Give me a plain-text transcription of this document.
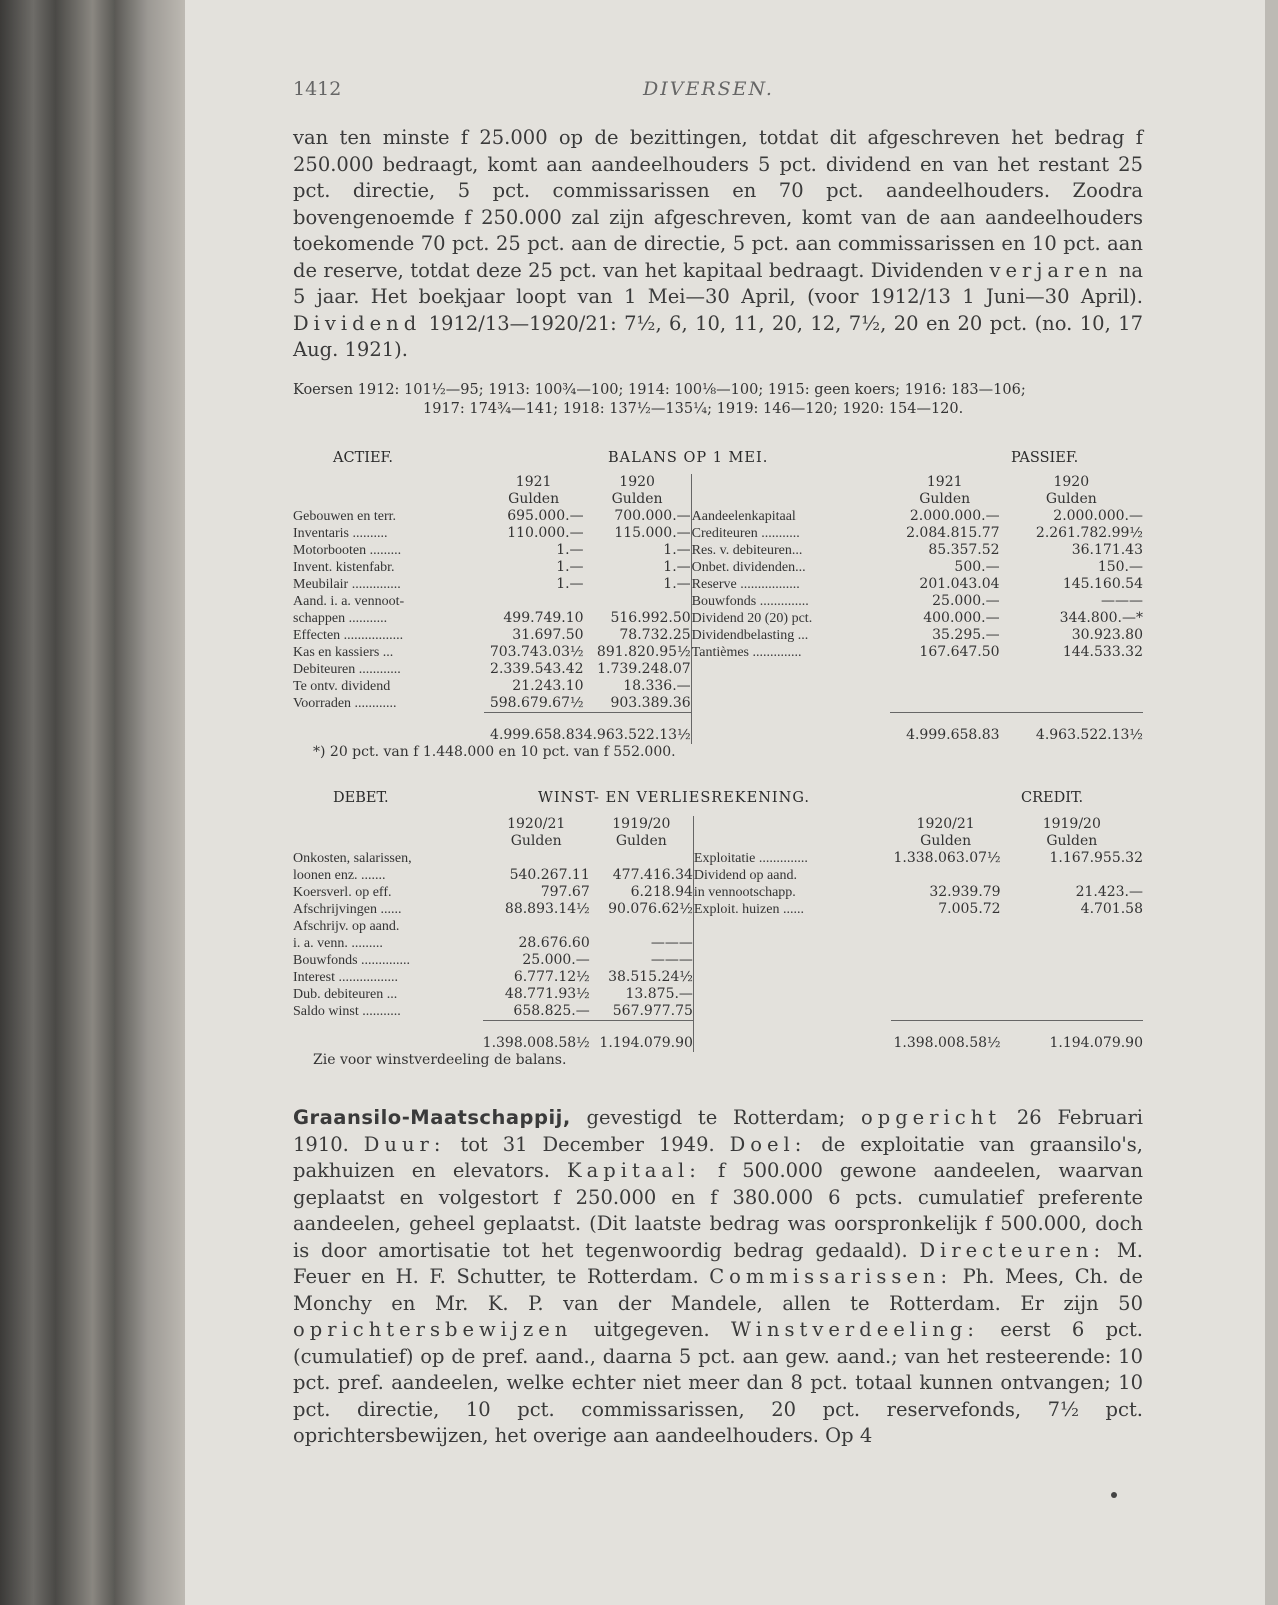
1412	DIVERSEN.

van ten minste f 25.000 op de bezittingen, totdat dit afgeschreven het bedrag f 250.000 bedraagt, komt aan aandeelhouders 5 pct. dividend en van het restant 25 pct. directie, 5 pct. commissarissen en 70 pct. aandeelhouders. Zoodra bovengenoemde f 250.000 zal zijn afgeschreven, komt van de aan aandeelhouders toekomende 70 pct. 25 pct. aan de directie, 5 pct. aan commissarissen en 10 pct. aan de reserve, totdat deze 25 pct. van het kapitaal bedraagt. Dividenden verjaren na 5 jaar. Het boekjaar loopt van 1 Mei—30 April, (voor 1912/13 1 Juni—30 April). Dividend 1912/13—1920/21: 7½, 6, 10, 11, 20, 12, 7½, 20 en 20 pct. (no. 10, 17 Aug. 1921).

Koersen 1912: 101½—95; 1913: 100¾—100; 1914: 100⅛—100; 1915: geen koers; 1916: 183—106;
1917: 174¾—141; 1918: 137½—135¼; 1919: 146—120; 1920: 154—120.
ACTIEF.	BALANS OP 1 MEI.	PASSIEF.
	1921	1920		1921	1920
	Gulden	Gulden		Gulden	Gulden
Gebouwen en terr.	695.000.—	700.000.—	Aandeelenkapitaal	2.000.000.—	2.000.000.—
Inventaris ..........	110.000.—	115.000.—	Crediteuren ...........	2.084.815.77	2.261.782.99½
Motorbooten .........	1.—	1.—	Res. v. debiteuren...	85.357.52	36.171.43
Invent. kistenfabr.	1.—	1.—	Onbet. dividenden...	500.—	150.—
Meubilair ..............	1.—	1.—	Reserve .................	201.043.04	145.160.54
Aand. i. a. vennoot-			Bouwfonds ..............	25.000.—	———
schappen ...........	499.749.10	516.992.50	Dividend 20 (20) pct.	400.000.—	344.800.—*
Effecten .................	31.697.50	78.732.25	Dividendbelasting ...	35.295.—	30.923.80
Kas en kassiers ...	703.743.03½	891.820.95½	Tantièmes ..............	167.647.50	144.533.32
Debiteuren ............	2.339.543.42	1.739.248.07			
Te ontv. dividend	21.243.10	18.336.—			
Voorraden ............	598.679.67½	903.389.36			

	4.999.658.83	4.963.522.13½		4.999.658.83	4.963.522.13½
*) 20 pct. van f 1.448.000 en 10 pct. van f 552.000.
DEBET.	WINST- EN VERLIESREKENING.	CREDIT.
	1920/21	1919/20		1920/21	1919/20
	Gulden	Gulden		Gulden	Gulden
Onkosten, salarissen,			Exploitatie ..............	1.338.063.07½	1.167.955.32
loonen enz. .......	540.267.11	477.416.34	Dividend op aand.		
Koersverl. op eff.	797.67	6.218.94	in vennootschapp.	32.939.79	21.423.—
Afschrijvingen ......	88.893.14½	90.076.62½	Exploit. huizen ......	7.005.72	4.701.58
Afschrijv. op aand.					
i. a. venn. .........	28.676.60	———			
Bouwfonds ..............	25.000.—	———			
Interest .................	6.777.12½	38.515.24½			
Dub. debiteuren ...	48.771.93½	13.875.—			
Saldo winst ...........	658.825.—	567.977.75			

	1.398.008.58½	1.194.079.90		1.398.008.58½	1.194.079.90
Zie voor winstverdeeling de balans.

Graansilo-Maatschappij, gevestigd te Rotterdam; opgericht 26 Februari 1910. Duur: tot 31 December 1949. Doel: de exploitatie van graansilo's, pakhuizen en elevators. Kapitaal: f 500.000 gewone aandeelen, waarvan geplaatst en volgestort f 250.000 en f 380.000 6 pcts. cumulatief preferente aandeelen, geheel geplaatst. (Dit laatste bedrag was oorspronkelijk f 500.000, doch is door amortisatie tot het tegenwoordig bedrag gedaald). Directeuren: M. Feuer en H. F. Schutter, te Rotterdam. Commissarissen: Ph. Mees, Ch. de Monchy en Mr. K. P. van der Mandele, allen te Rotterdam. Er zijn 50 oprichtersbewijzen uitgegeven. Winstverdeeling: eerst 6 pct. (cumulatief) op de pref. aand., daarna 5 pct. aan gew. aand.; van het resteerende: 10 pct. pref. aandeelen, welke echter niet meer dan 8 pct. totaal kunnen ontvangen; 10 pct. directie, 10 pct. commissarissen, 20 pct. reservefonds, 7½ pct. oprichtersbewijzen, het overige aan aandeelhouders. Op 4
